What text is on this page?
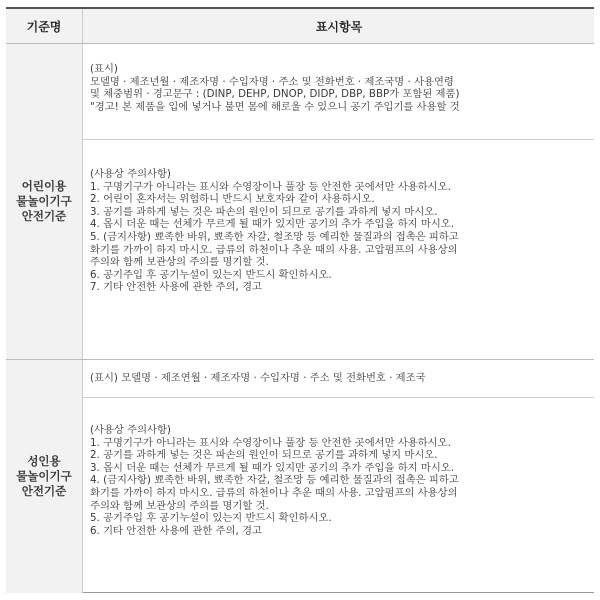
기준명	표시항목
어린이용
물놀이기구
안전기준
(표시)
모델명 · 제조년월 · 제조자명 · 수입자명 · 주소 및 전화번호 · 제조국명 · 사용연령
및 체중범위 · 경고문구 : (DINP, DEHP, DNOP, DIDP, DBP, BBP가 포함된 제품)
"경고! 본 제품을 입에 넣거나 불면 몸에 해로울 수 있으니 공기 주입기를 사용할 것
(사용상 주의사항)
1. 구명기구가 아니라는 표시와 수영장이나 풀장 등 안전한 곳에서만 사용하시오.
2. 어린이 혼자서는 위험하니 반드시 보호자와 같이 사용하시오.
3. 공기를 과하게 넣는 것은 파손의 원인이 되므로 공기를 과하게 넣지 마시오.
4. 몹시 더운 때는 선체가 무르게 될 때가 있지만 공기의 추가 주입을 하지 마시오.
5. (금지사항) 뾰족한 바위, 뾰족한 자갈, 철조망 등 예리한 물질과의 접촉은 피하고
화기를 가까이 하지 마시오. 급류의 하천이나 추운 때의 사용. 고압펌프의 사용상의
주의와 함께 보관상의 주의를 명기할 것.
6. 공기주입 후 공기누설이 있는지 반드시 확인하시오.
7. 기타 안전한 사용에 관한 주의, 경고
성인용
물놀이기구
안전기준
(표시) 모델명 · 제조연월 · 제조자명 · 수입자명 · 주소 및 전화번호 · 제조국
(사용상 주의사항)
1. 구명기구가 아니라는 표시와 수영장이나 풀장 등 안전한 곳에서만 사용하시오.
2. 공기를 과하게 넣는 것은 파손의 원인이 되므로 공기를 과하게 넣지 마시오.
3. 몹시 더운 때는 선체가 무르게 될 때가 있지만 공기의 추가 주입을 하지 마시오.
4. (금지사항) 뾰족한 바위, 뾰족한 자갈, 철조망 등 예리한 물질과의 접촉은 피하고
화기를 가까이 하지 마시오. 급류의 하천이나 추운 때의 사용. 고압펌프의 사용상의
주의와 함께 보관상의 주의를 명기할 것.
5. 공기주입 후 공기누설이 있는지 반드시 확인하시오.
6. 기타 안전한 사용에 관한 주의, 경고
